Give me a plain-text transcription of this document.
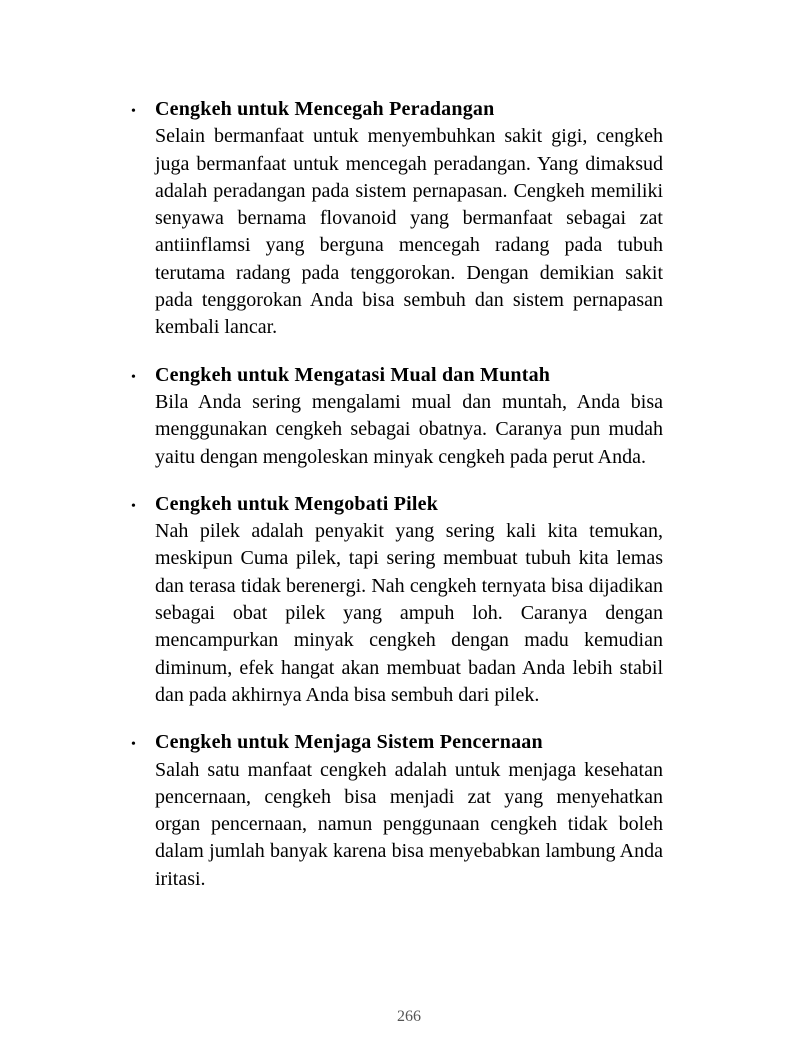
• Cengkeh untuk Mencegah Peradangan

Selain bermanfaat untuk menyembuhkan sakit gigi, cengkeh juga bermanfaat untuk mencegah peradangan. Yang dimaksud adalah peradangan pada sistem pernapasan. Cengkeh memiliki senyawa bernama flovanoid yang bermanfaat sebagai zat antiinflamsi yang berguna mencegah radang pada tubuh terutama radang pada tenggorokan. Dengan demikian sakit pada tenggorokan Anda bisa sembuh dan sistem pernapasan kembali lancar.

• Cengkeh untuk Mengatasi Mual dan Muntah

Bila Anda sering mengalami mual dan muntah, Anda bisa menggunakan cengkeh sebagai obatnya. Caranya pun mudah yaitu dengan mengoleskan minyak cengkeh pada perut Anda.

• Cengkeh untuk Mengobati Pilek

Nah pilek adalah penyakit yang sering kali kita temukan, meskipun Cuma pilek, tapi sering membuat tubuh kita lemas dan terasa tidak berenergi. Nah cengkeh ternyata bisa dijadikan sebagai obat pilek yang ampuh loh. Caranya dengan mencampurkan minyak cengkeh dengan madu kemudian diminum, efek hangat akan membuat badan Anda lebih stabil dan pada akhirnya Anda bisa sembuh dari pilek.

• Cengkeh untuk Menjaga Sistem Pencernaan

Salah satu manfaat cengkeh adalah untuk menjaga kesehatan pencernaan, cengkeh bisa menjadi zat yang menyehatkan organ pencernaan, namun penggunaan cengkeh tidak boleh dalam jumlah banyak karena bisa menyebabkan lambung Anda iritasi.

266
